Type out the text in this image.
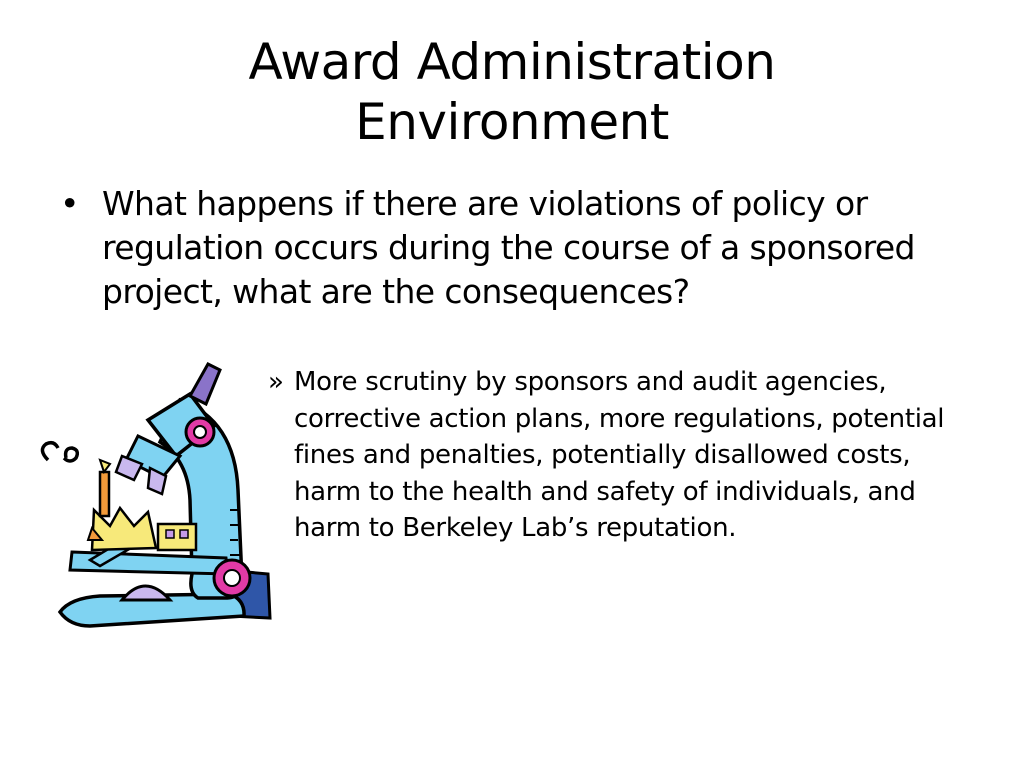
Award Administration
Environment
• What happens if there are violations of policy or regulation occurs during the course of a sponsored project, what are the consequences?
» More scrutiny by sponsors and audit agencies, corrective action plans, more regulations, potential fines and penalties, potentially disallowed costs, harm to the health and safety of individuals, and harm to Berkeley Lab’s reputation.
